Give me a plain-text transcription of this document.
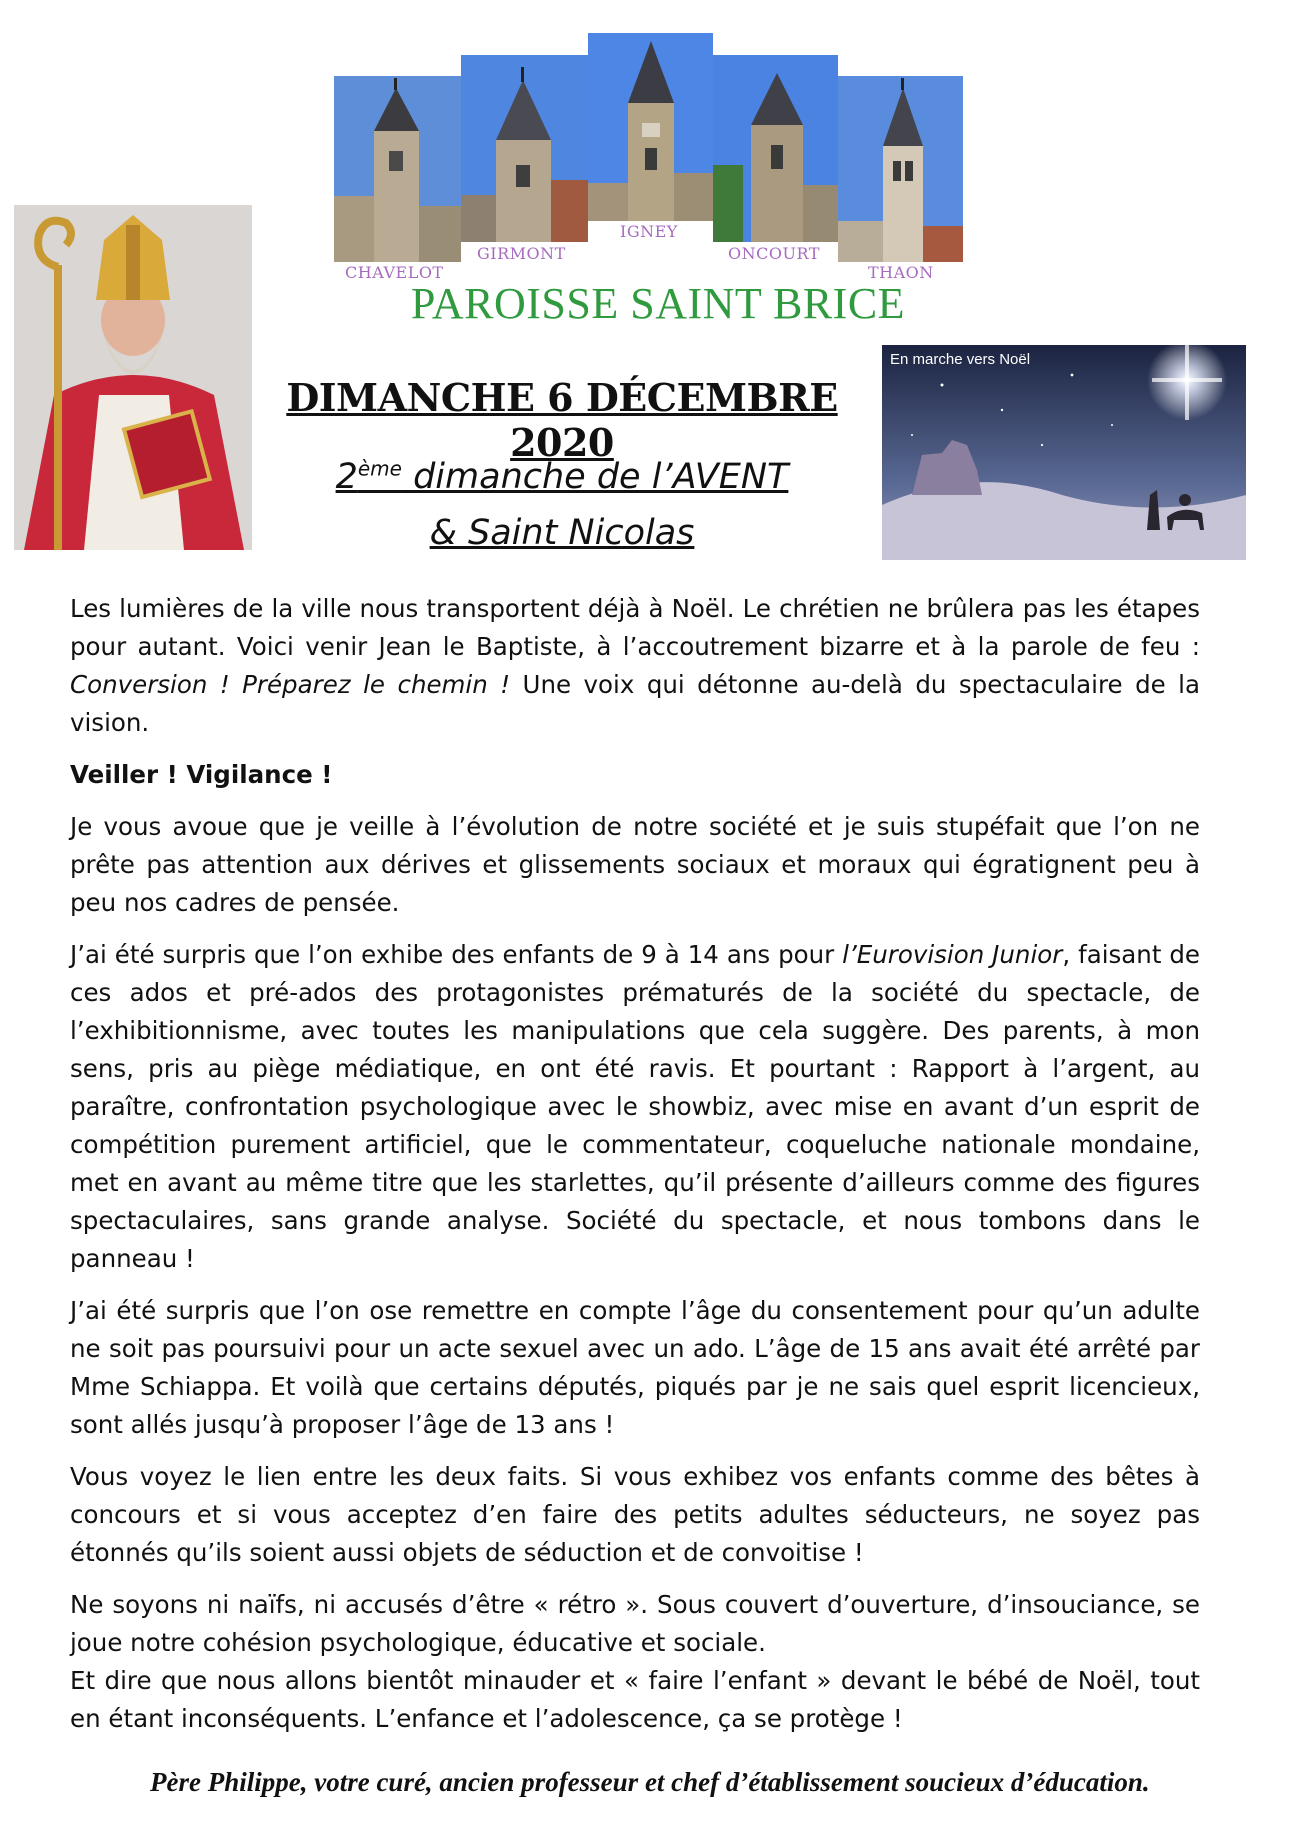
CHAVELOT
GIRMONT
IGNEY
ONCOURT
THAON
PAROISSE SAINT BRICE
En marche vers Noël
DIMANCHE 6 DÉCEMBRE 2020
2ème dimanche de l’AVENT
& Saint Nicolas

Les lumières de la ville nous transportent déjà à Noël. Le chrétien ne brûlera pas les étapes pour autant. Voici venir Jean le Baptiste, à l’accoutrement bizarre et à la parole de feu : Conversion ! Préparez le chemin ! Une voix qui détonne au-delà du spectaculaire de la vision.

Veiller ! Vigilance !

Je vous avoue que je veille à l’évolution de notre société et je suis stupéfait que l’on ne prête pas attention aux dérives et glissements sociaux et moraux qui égratignent peu à peu nos cadres de pensée.

J’ai été surpris que l’on exhibe des enfants de 9 à 14 ans pour l’Eurovision Junior, faisant de ces ados et pré-ados des protagonistes prématurés de la société du spectacle, de l’exhibitionnisme, avec toutes les manipulations que cela suggère. Des parents, à mon sens, pris au piège médiatique, en ont été ravis. Et pourtant : Rapport à l’argent, au paraître, confrontation psychologique avec le showbiz, avec mise en avant d’un esprit de compétition purement artificiel, que le commentateur, coqueluche nationale mondaine, met en avant au même titre que les starlettes, qu’il présente d’ailleurs comme des figures spectaculaires, sans grande analyse. Société du spectacle, et nous tombons dans le panneau !

J’ai été surpris que l’on ose remettre en compte l’âge du consentement pour qu’un adulte ne soit pas poursuivi pour un acte sexuel avec un ado. L’âge de 15 ans avait été arrêté par Mme Schiappa. Et voilà que certains députés, piqués par je ne sais quel esprit licencieux, sont allés jusqu’à proposer l’âge de 13 ans !

Vous voyez le lien entre les deux faits. Si vous exhibez vos enfants comme des bêtes à concours et si vous acceptez d’en faire des petits adultes séducteurs, ne soyez pas étonnés qu’ils soient aussi objets de séduction et de convoitise !

Ne soyons ni naïfs, ni accusés d’être « rétro ». Sous couvert d’ouverture, d’insouciance, se joue notre cohésion psychologique, éducative et sociale.

Et dire que nous allons bientôt minauder et « faire l’enfant » devant le bébé de Noël, tout en étant inconséquents. L’enfance et l’adolescence, ça se protège !

Père Philippe, votre curé, ancien professeur et chef d’établissement soucieux d’éducation.
